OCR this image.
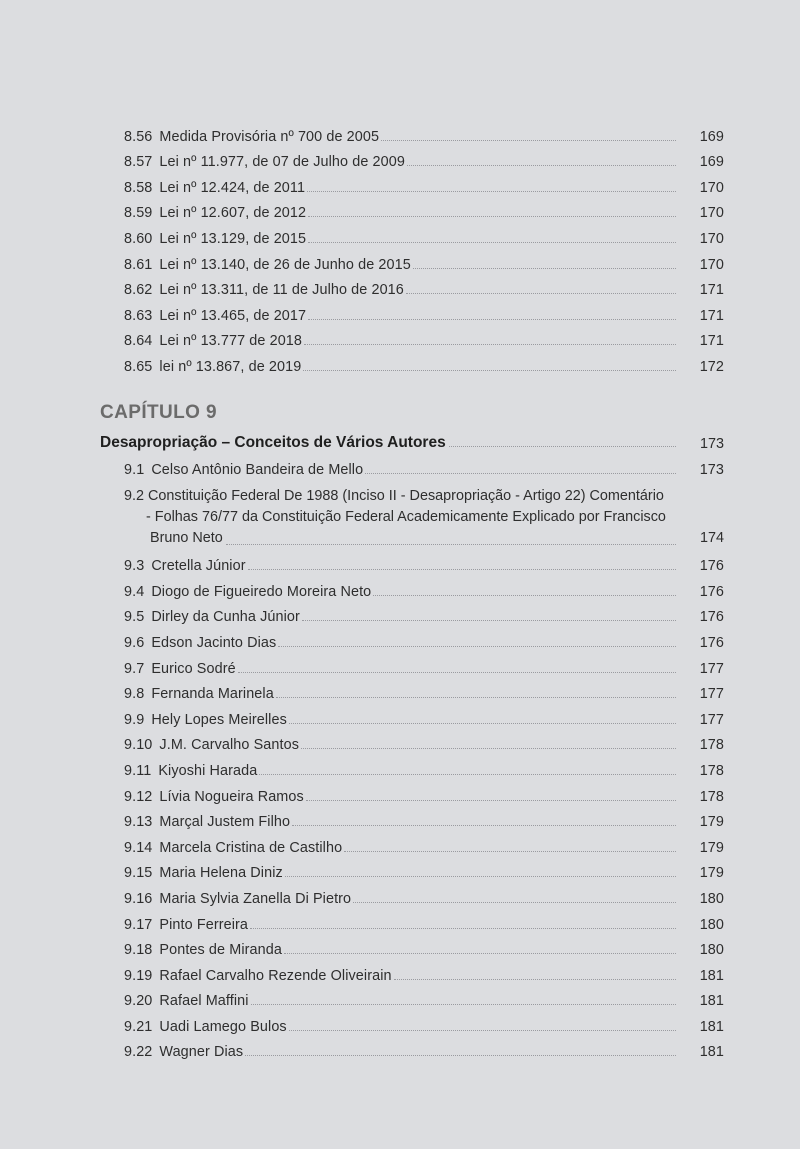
8.56 Medida Provisória nº 700 de 2005	169
8.57 Lei nº 11.977, de 07 de Julho de 2009	169
8.58 Lei nº 12.424, de 2011	170
8.59 Lei nº 12.607, de 2012	170
8.60 Lei nº 13.129, de 2015	170
8.61 Lei nº 13.140, de 26 de Junho de 2015	170
8.62 Lei nº 13.311, de 11 de Julho de 2016	171
8.63 Lei nº 13.465, de 2017	171
8.64 Lei nº 13.777 de 2018	171
8.65 lei nº 13.867, de 2019	172
CAPÍTULO 9
Desapropriação – Conceitos de Vários Autores	173
9.1 Celso Antônio Bandeira de Mello	173
9.2 Constituição Federal De 1988 (Inciso II - Desapropriação - Artigo 22) Comentário
- Folhas 76/77 da Constituição Federal Academicamente Explicado por Francisco
Bruno Neto	174
9.3 Cretella Júnior	176
9.4 Diogo de Figueiredo Moreira Neto	176
9.5 Dirley da Cunha Júnior	176
9.6 Edson Jacinto Dias	176
9.7 Eurico Sodré	177
9.8 Fernanda Marinela	177
9.9 Hely Lopes Meirelles	177
9.10 J.M. Carvalho Santos	178
9.11 Kiyoshi Harada	178
9.12 Lívia Nogueira Ramos	178
9.13 Marçal Justem Filho	179
9.14 Marcela Cristina de Castilho	179
9.15 Maria Helena Diniz	179
9.16 Maria Sylvia Zanella Di Pietro	180
9.17 Pinto Ferreira	180
9.18 Pontes de Miranda	180
9.19 Rafael Carvalho Rezende Oliveirain	181
9.20 Rafael Maffini	181
9.21 Uadi Lamego Bulos	181
9.22 Wagner Dias	181
